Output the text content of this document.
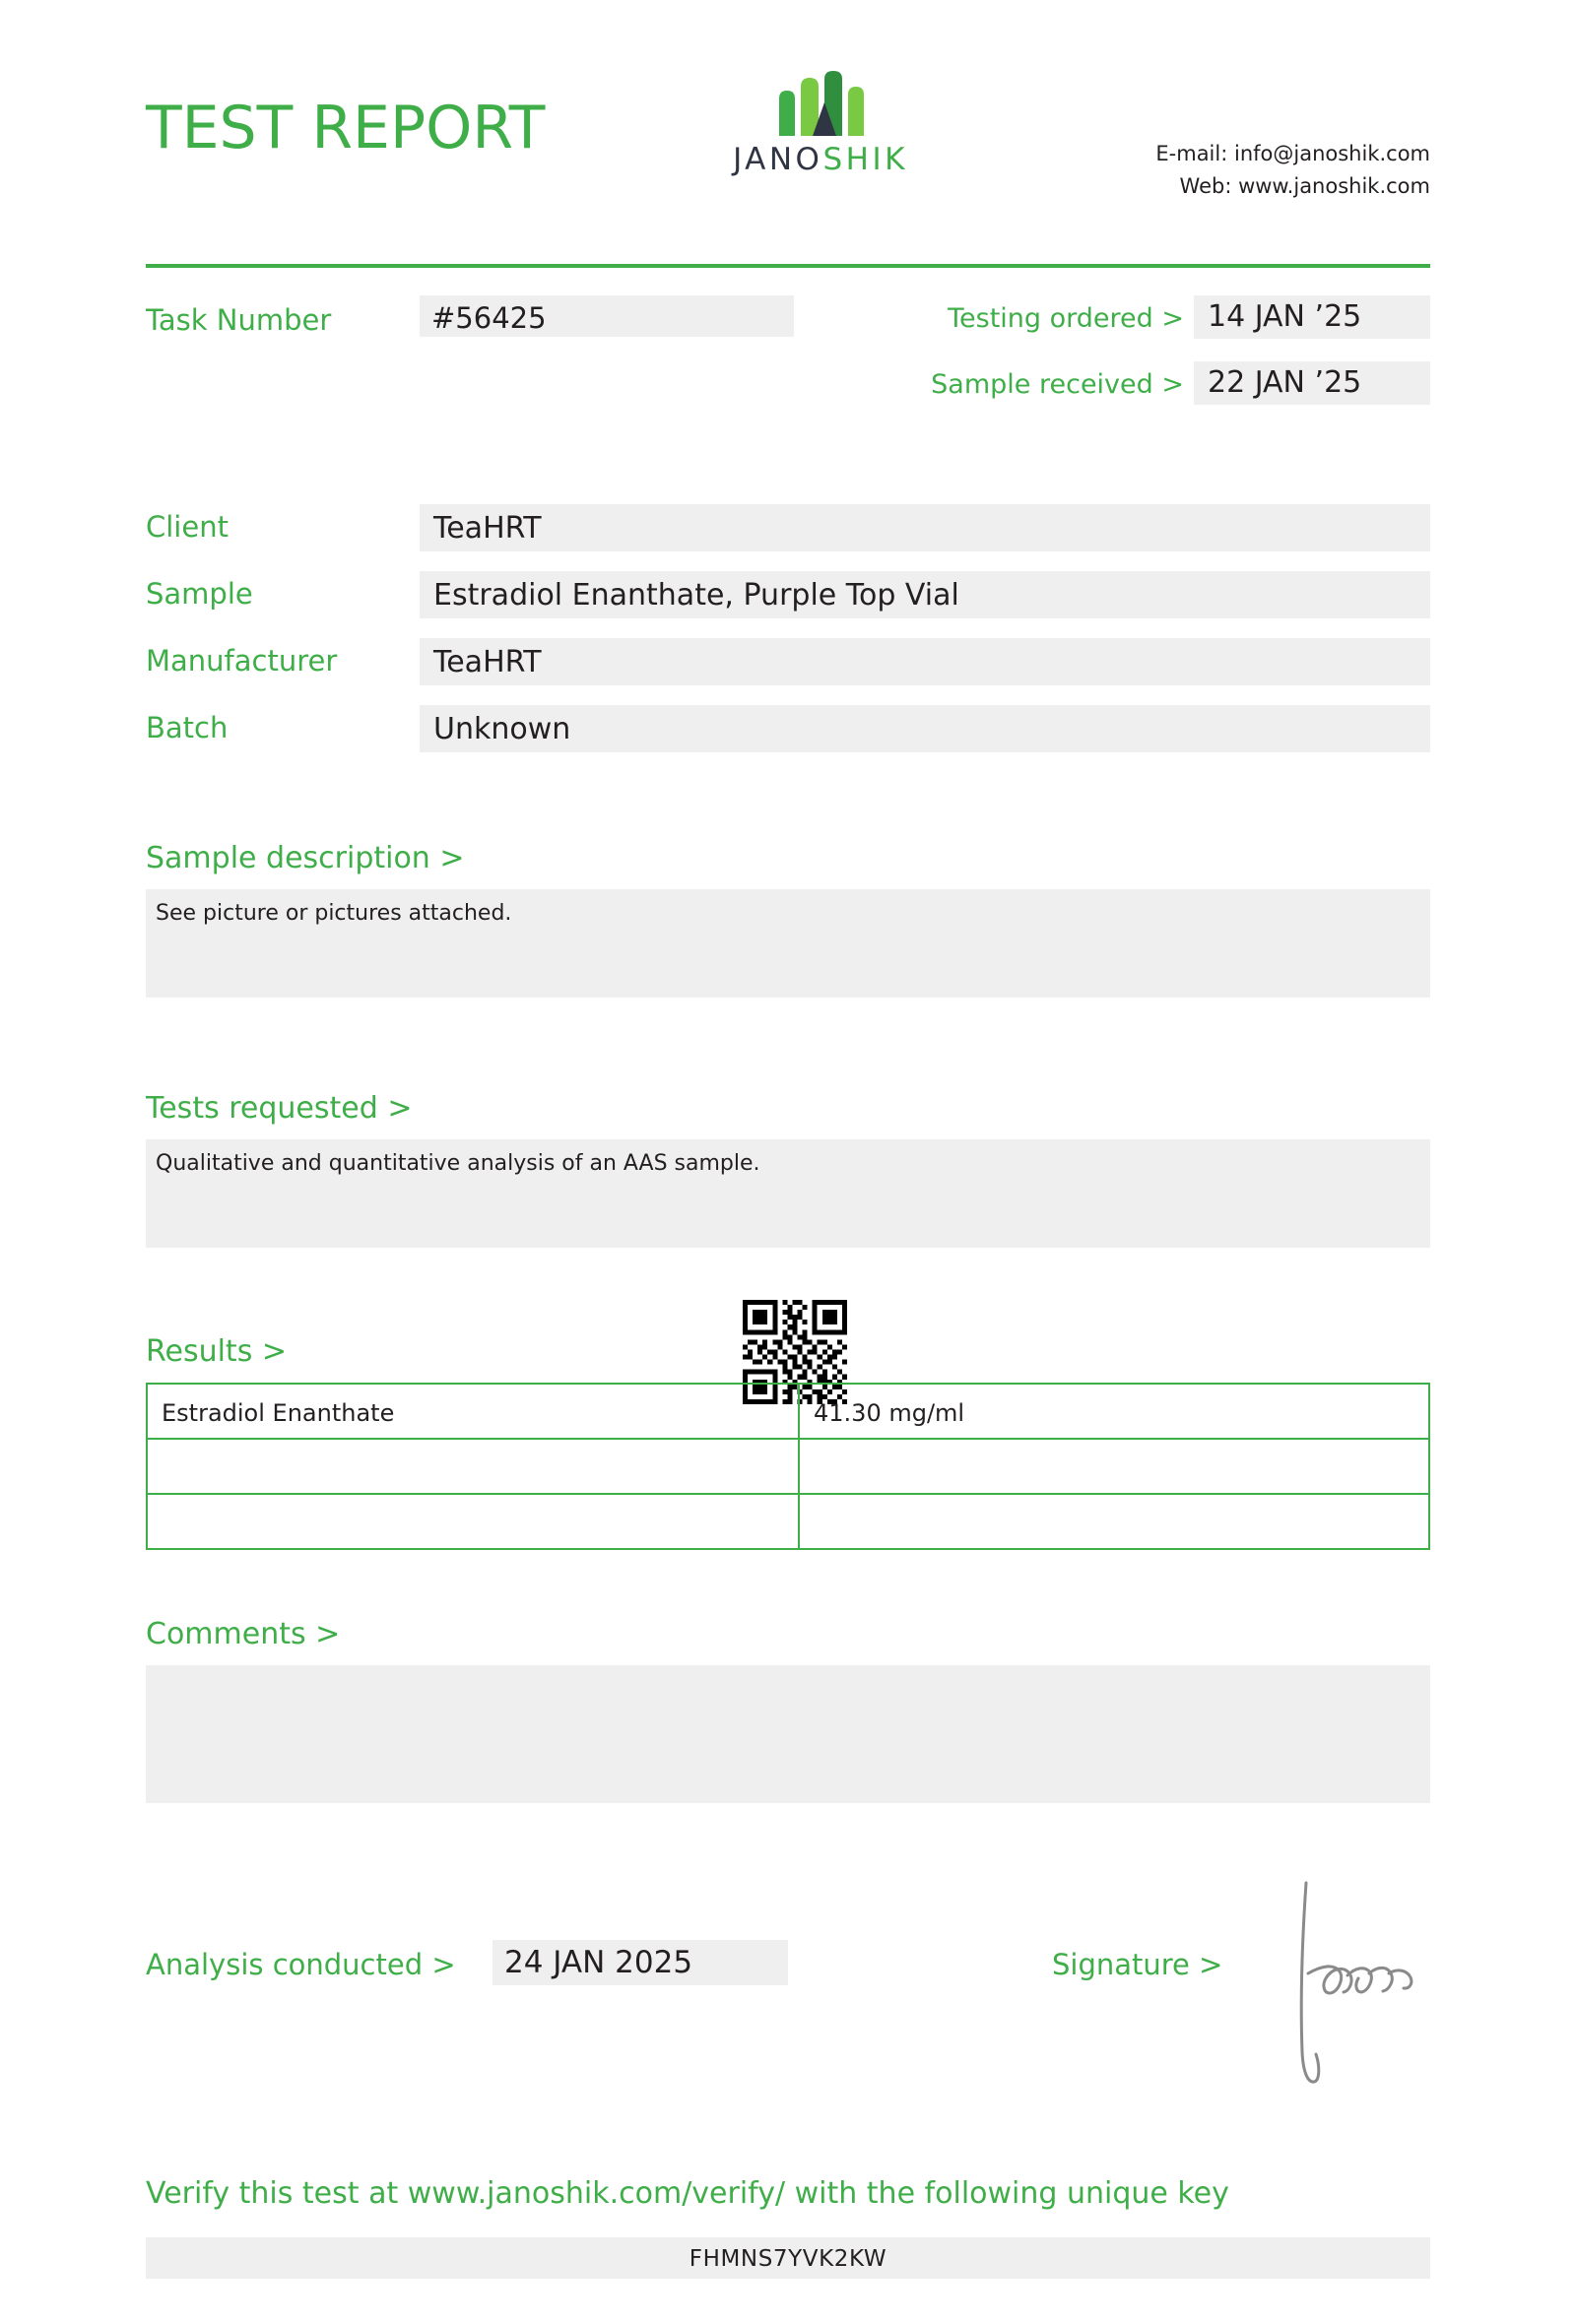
TEST REPORT	JANOSHIK	E-mail: info@janoshik.com
Web: www.janoshik.com
Task Number	#56425	Testing ordered > 14 JAN ’25
Sample received > 22 JAN ’25
Client	TeaHRT
Sample	Estradiol Enanthate, Purple Top Vial
Manufacturer	TeaHRT
Batch	Unknown
Sample description >
See picture or pictures attached.
Tests requested >
Qualitative and quantitative analysis of an AAS sample.
Results >
Estradiol Enanthate	41.30 mg/ml

Comments >
Analysis conducted >	24 JAN 2025	Signature >
Verify this test at www.janoshik.com/verify/ with the following unique key
FHMNS7YVK2KW
